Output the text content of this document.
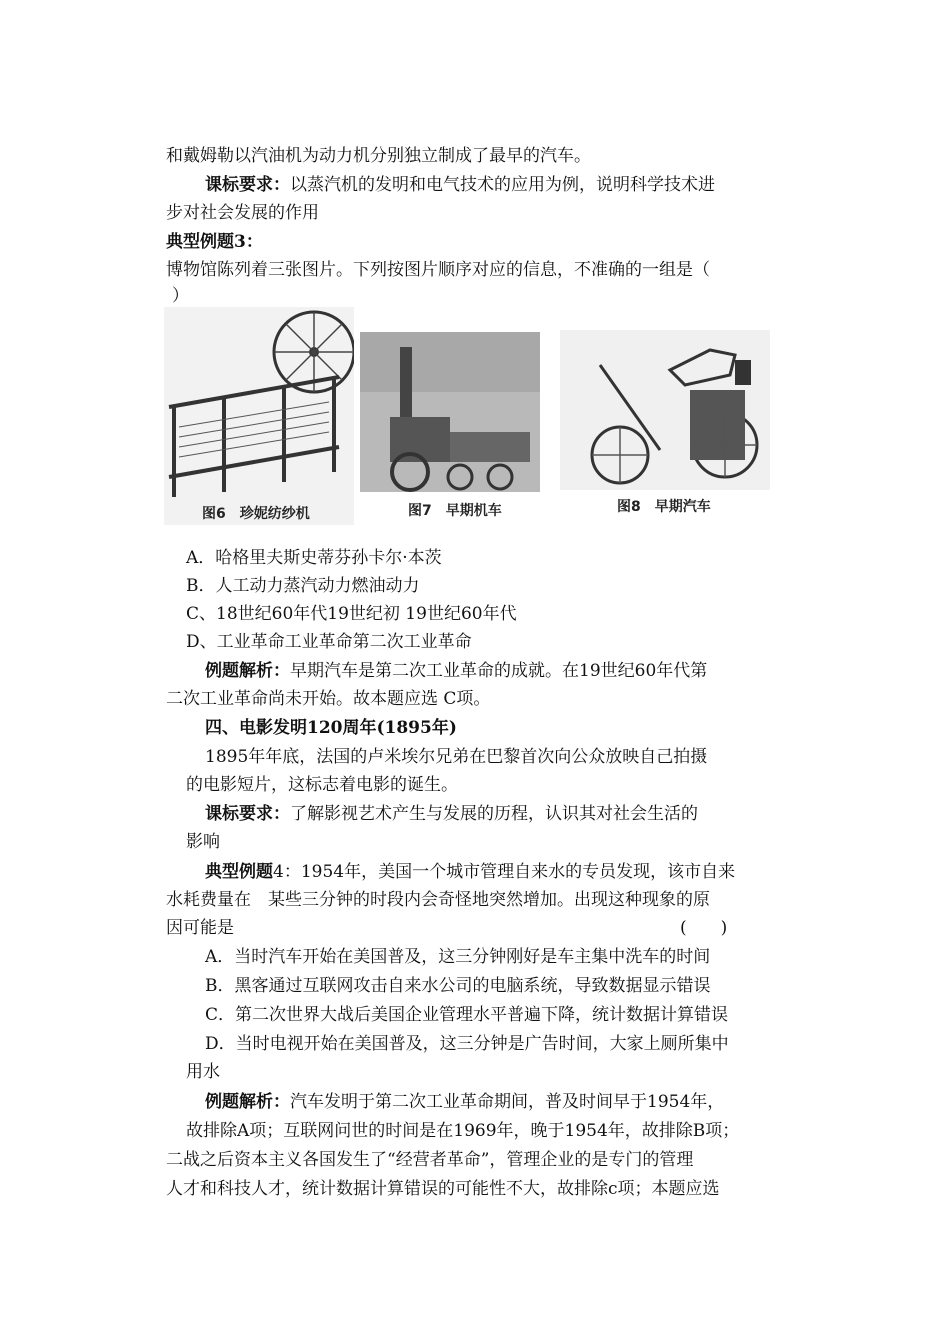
和戴姆勒以汽油机为动力机分别独立制成了最早的汽车。
课标要求：以蒸汽机的发明和电气技术的应用为例，说明科学技术进
步对社会发展的作用
典型例题3：
博物馆陈列着三张图片。下列按图片顺序对应的信息，不准确的一组是（
）
图6　珍妮纺纱机	图7　早期机车	图8　早期汽车
A．哈格里夫斯史蒂芬孙卡尔·本茨
B．人工动力蒸汽动力燃油动力
C、18世纪60年代19世纪初 19世纪60年代
D、工业革命工业革命第二次工业革命
例题解析：早期汽车是第二次工业革命的成就。在19世纪60年代第
二次工业革命尚未开始。故本题应选 C项。
四、电影发明120周年(1895年)
1895年年底，法国的卢米埃尔兄弟在巴黎首次向公众放映自己拍摄
的电影短片，这标志着电影的诞生。
课标要求：了解影视艺术产生与发展的历程，认识其对社会生活的
影响
典型例题4：1954年，美国一个城市管理自来水的专员发现，该市自来
水耗费量在　某些三分钟的时段内会奇怪地突然增加。出现这种现象的原
因可能是	(　　)
A．当时汽车开始在美国普及，这三分钟刚好是车主集中洗车的时间
B．黑客通过互联网攻击自来水公司的电脑系统，导致数据显示错误
C．第二次世界大战后美国企业管理水平普遍下降，统计数据计算错误
D．当时电视开始在美国普及，这三分钟是广告时间，大家上厕所集中
用水
例题解析：汽车发明于第二次工业革命期间，普及时间早于1954年，
故排除A项；互联网问世的时间是在1969年，晚于1954年，故排除B项；
二战之后资本主义各国发生了“经营者革命”，管理企业的是专门的管理
人才和科技人才，统计数据计算错误的可能性不大，故排除c项；本题应选
